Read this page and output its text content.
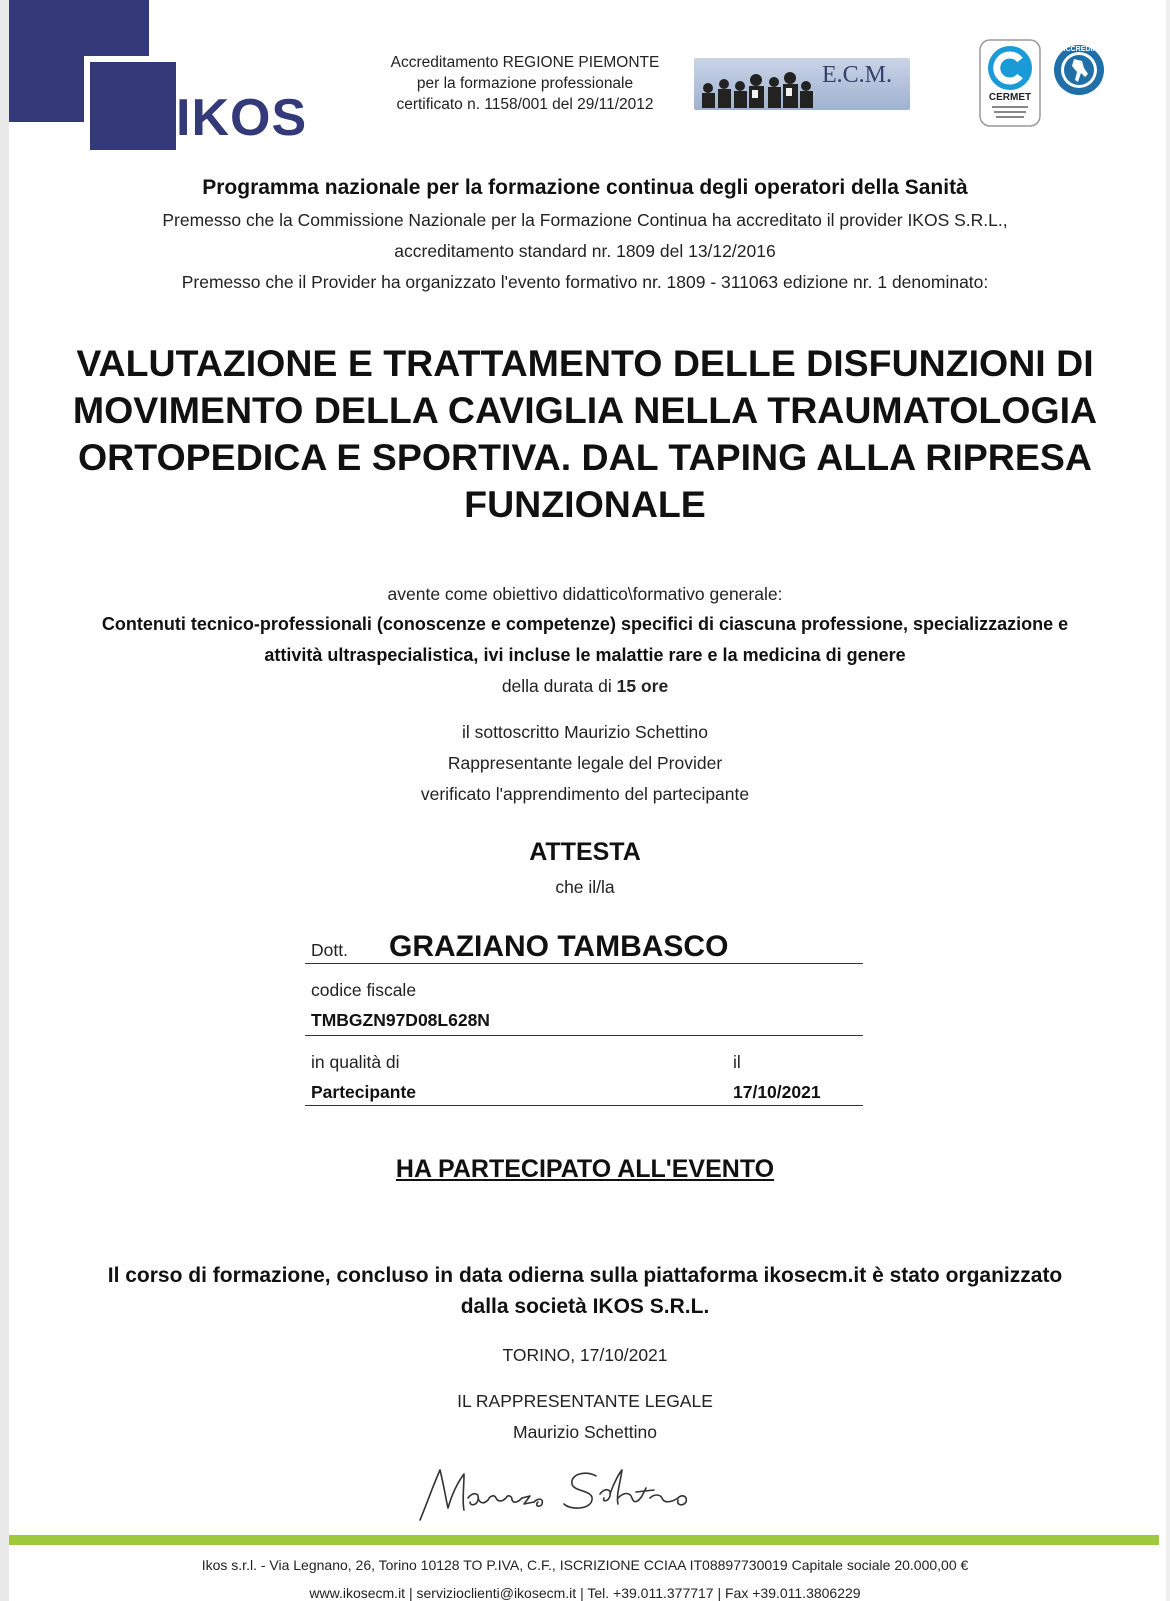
IKOS
Accreditamento REGIONE PIEMONTE
per la formazione professionale
certificato n. 1158/001 del 29/11/2012
E.C.M.
CERMET
ACCREDIA
Programma nazionale per la formazione continua degli operatori della Sanità
Premesso che la Commissione Nazionale per la Formazione Continua ha accreditato il provider IKOS S.R.L.,
accreditamento standard nr. 1809 del 13/12/2016
Premesso che il Provider ha organizzato l'evento formativo nr. 1809 - 311063 edizione nr. 1 denominato:
VALUTAZIONE E TRATTAMENTO DELLE DISFUNZIONI DI
MOVIMENTO DELLA CAVIGLIA NELLA TRAUMATOLOGIA
ORTOPEDICA E SPORTIVA. DAL TAPING ALLA RIPRESA
FUNZIONALE
avente come obiettivo didattico\formativo generale:
Contenuti tecnico-professionali (conoscenze e competenze) specifici di ciascuna professione, specializzazione e
attività ultraspecialistica, ivi incluse le malattie rare e la medicina di genere
della durata di 15 ore
il sottoscritto Maurizio Schettino
Rappresentante legale del Provider
verificato l'apprendimento del partecipante
ATTESTA
che il/la
Dott. GRAZIANO TAMBASCO
codice fiscale
TMBGZN97D08L628N
in qualità di
Partecipante
il
17/10/2021
HA PARTECIPATO ALL'EVENTO
Il corso di formazione, concluso in data odierna sulla piattaforma ikosecm.it è stato organizzato
dalla società IKOS S.R.L.
TORINO, 17/10/2021
IL RAPPRESENTANTE LEGALE
Maurizio Schettino
Ikos s.r.l. - Via Legnano, 26, Torino 10128 TO P.IVA, C.F., ISCRIZIONE CCIAA IT08897730019 Capitale sociale 20.000,00 €
www.ikosecm.it | servizioclienti@ikosecm.it | Tel. +39.011.377717 | Fax +39.011.3806229
